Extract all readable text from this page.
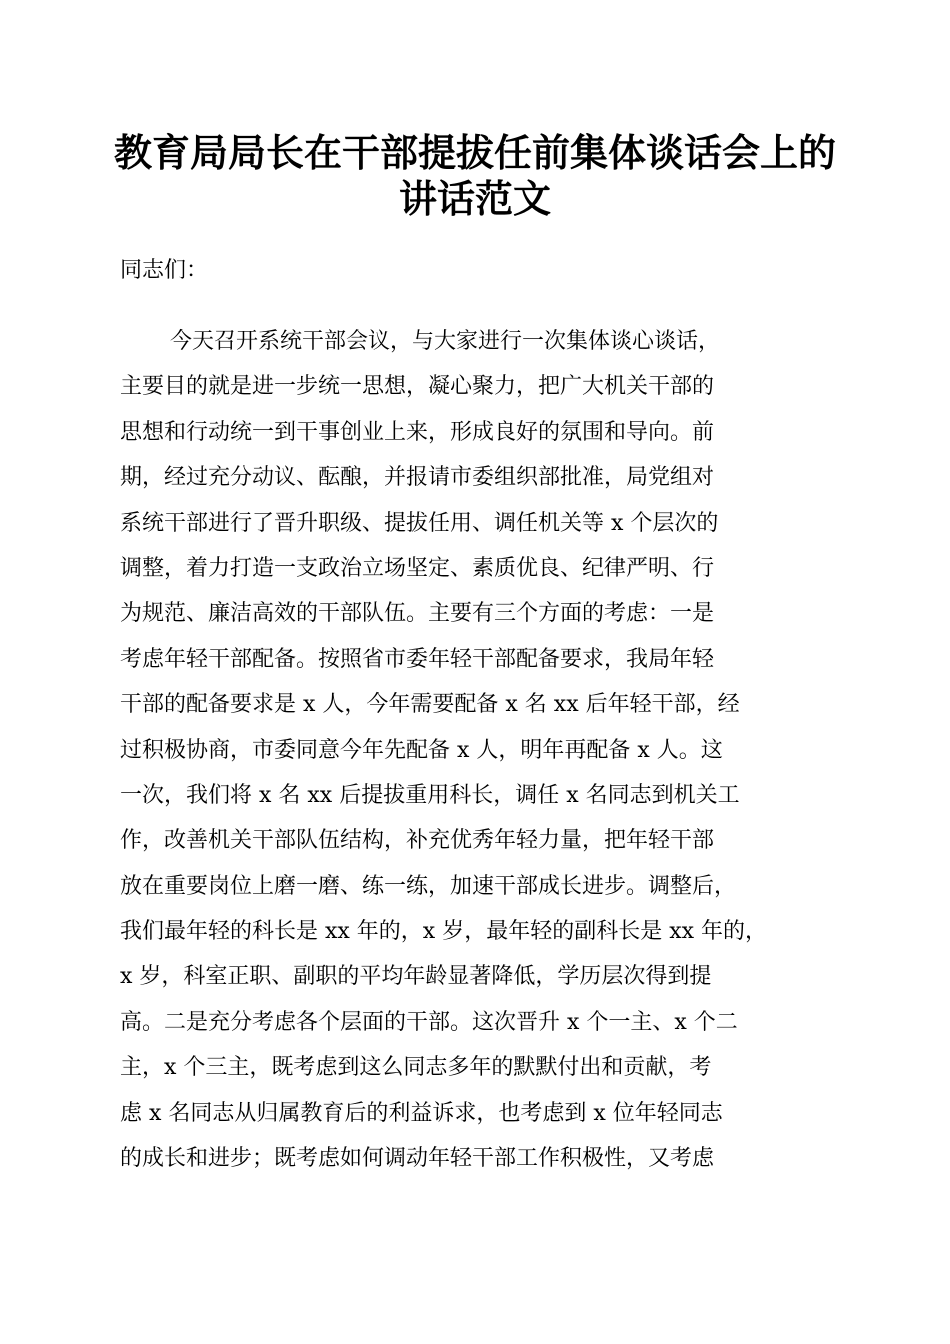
教育局局长在干部提拔任前集体谈话会上的讲话范文

同志们：

今天召开系统干部会议，与大家进行一次集体谈心谈话，
主要目的就是进一步统一思想，凝心聚力，把广大机关干部的
思想和行动统一到干事创业上来，形成良好的氛围和导向。前
期，经过充分动议、酝酿，并报请市委组织部批准，局党组对
系统干部进行了晋升职级、提拔任用、调任机关等 x 个层次的
调整，着力打造一支政治立场坚定、素质优良、纪律严明、行
为规范、廉洁高效的干部队伍。主要有三个方面的考虑：一是
考虑年轻干部配备。按照省市委年轻干部配备要求，我局年轻
干部的配备要求是 x 人，今年需要配备 x 名 xx 后年轻干部，经
过积极协商，市委同意今年先配备 x 人，明年再配备 x 人。这
一次，我们将 x 名 xx 后提拔重用科长，调任 x 名同志到机关工
作，改善机关干部队伍结构，补充优秀年轻力量，把年轻干部
放在重要岗位上磨一磨、练一练，加速干部成长进步。调整后，
我们最年轻的科长是 xx 年的，x 岁，最年轻的副科长是 xx 年的，
x 岁，科室正职、副职的平均年龄显著降低，学历层次得到提
高。二是充分考虑各个层面的干部。这次晋升 x 个一主、x 个二
主，x 个三主，既考虑到这么同志多年的默默付出和贡献，考
虑 x 名同志从归属教育后的利益诉求，也考虑到 x 位年轻同志
的成长和进步；既考虑如何调动年轻干部工作积极性，又考虑
